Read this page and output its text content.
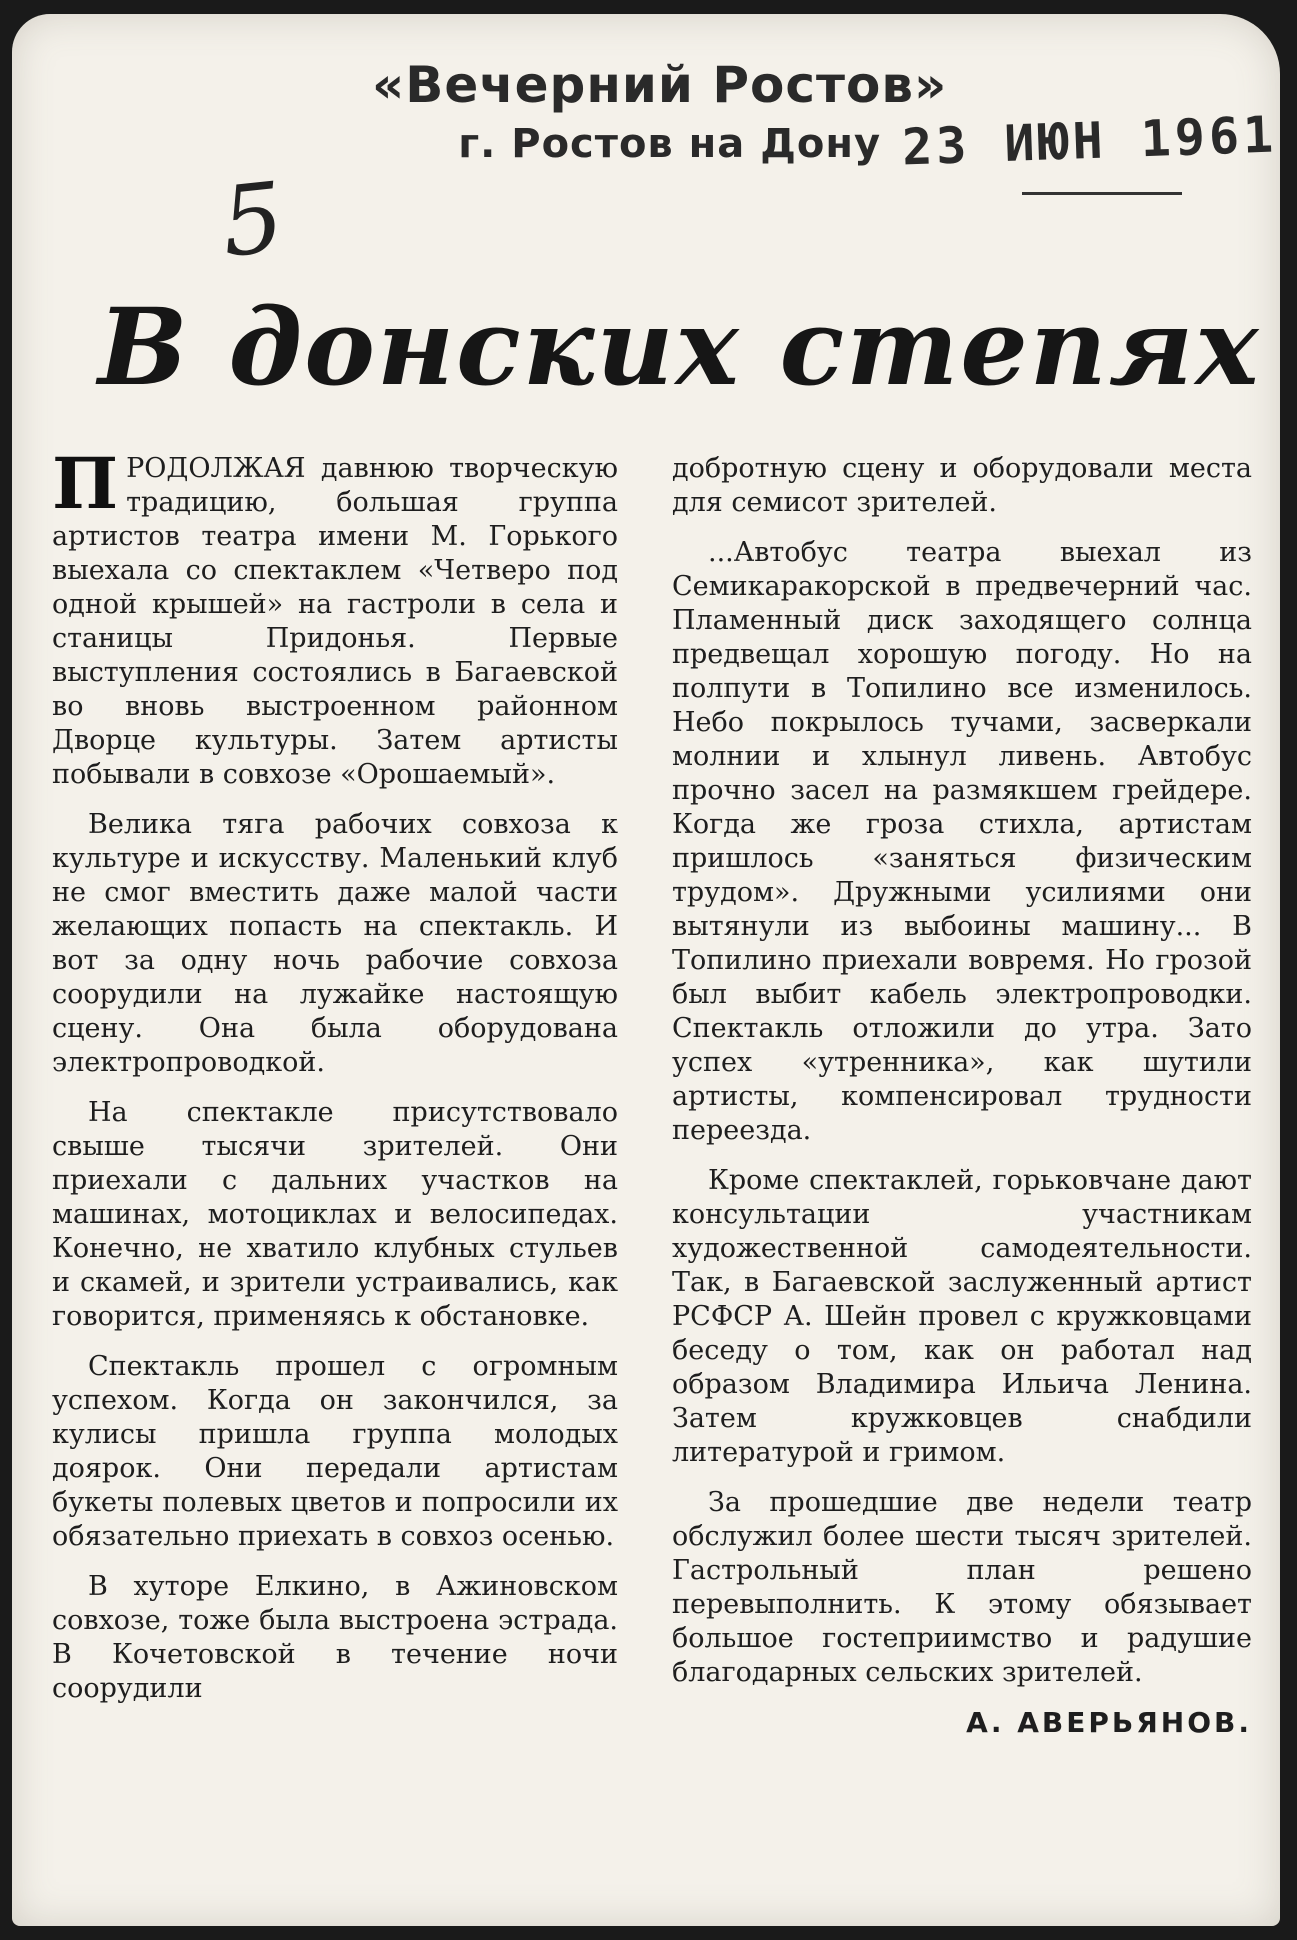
«Вечерний Ростов»
г. Ростов на Дону 23 ИЮН 1961
5
В донских степях

ПРОДОЛЖАЯ давнюю творческую традицию, большая группа артистов театра имени М. Горького выехала со спектаклем «Четверо под одной крышей» на гастроли в села и станицы Придонья. Первые выступления состоялись в Багаевской во вновь выстроенном районном Дворце культуры. Затем артисты побывали в совхозе «Орошаемый».

Велика тяга рабочих совхоза к культуре и искусству. Маленький клуб не смог вместить даже малой части желающих попасть на спектакль. И вот за одну ночь рабочие совхоза соорудили на лужайке настоящую сцену. Она была оборудована электропроводкой.

На спектакле присутствовало свыше тысячи зрителей. Они приехали с дальних участков на машинах, мотоциклах и велосипедах. Конечно, не хватило клубных стульев и скамей, и зрители устраивались, как говорится, применяясь к обстановке.

Спектакль прошел с огромным успехом. Когда он закончился, за кулисы пришла группа молодых доярок. Они передали артистам букеты полевых цветов и попросили их обязательно приехать в совхоз осенью.

В хуторе Елкино, в Ажиновском совхозе, тоже была выстроена эстрада. В Кочетовской в течение ночи соорудили

добротную сцену и оборудовали места для семисот зрителей.

...Автобус театра выехал из Семикаракорской в предвечерний час. Пламенный диск заходящего солнца предвещал хорошую погоду. Но на полпути в Топилино все изменилось. Небо покрылось тучами, засверкали молнии и хлынул ливень. Автобус прочно засел на размякшем грейдере. Когда же гроза стихла, артистам пришлось «заняться физическим трудом». Дружными усилиями они вытянули из выбоины машину... В Топилино приехали вовремя. Но грозой был выбит кабель электропроводки. Спектакль отложили до утра. Зато успех «утренника», как шутили артисты, компенсировал трудности переезда.

Кроме спектаклей, горьковчане дают консультации участникам художественной самодеятельности. Так, в Багаевской заслуженный артист РСФСР А. Шейн провел с кружковцами беседу о том, как он работал над образом Владимира Ильича Ленина. Затем кружковцев снабдили литературой и гримом.

За прошедшие две недели театр обслужил более шести тысяч зрителей. Гастрольный план решено перевыполнить. К этому обязывает большое гостеприимство и радушие благодарных сельских зрителей.

А. АВЕРЬЯНОВ.
